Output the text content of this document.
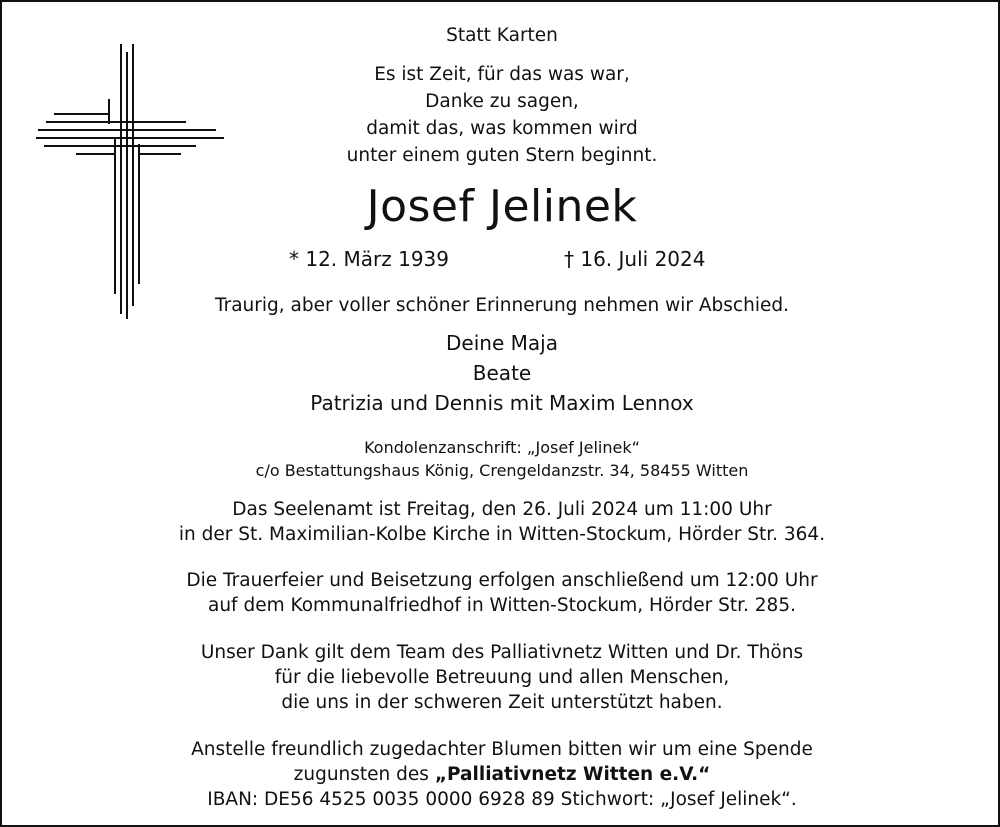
Statt Karten
Es ist Zeit, für das was war,
Danke zu sagen,
damit das, was kommen wird
unter einem guten Stern beginnt.
Josef Jelinek
* 12. März 1939	† 16. Juli 2024
Traurig, aber voller schöner Erinnerung nehmen wir Abschied.
Deine Maja
Beate
Patrizia und Dennis mit Maxim Lennox
Kondolenzanschrift: „Josef Jelinek“
c/o Bestattungshaus König, Crengeldanzstr. 34, 58455 Witten
Das Seelenamt ist Freitag, den 26. Juli 2024 um 11:00 Uhr
in der St. Maximilian-Kolbe Kirche in Witten-Stockum, Hörder Str. 364.
Die Trauerfeier und Beisetzung erfolgen anschließend um 12:00 Uhr
auf dem Kommunalfriedhof in Witten-Stockum, Hörder Str. 285.
Unser Dank gilt dem Team des Palliativnetz Witten und Dr. Thöns
für die liebevolle Betreuung und allen Menschen,
die uns in der schweren Zeit unterstützt haben.
Anstelle freundlich zugedachter Blumen bitten wir um eine Spende
zugunsten des „Palliativnetz Witten e.V.“
IBAN: DE56 4525 0035 0000 6928 89 Stichwort: „Josef Jelinek“.
